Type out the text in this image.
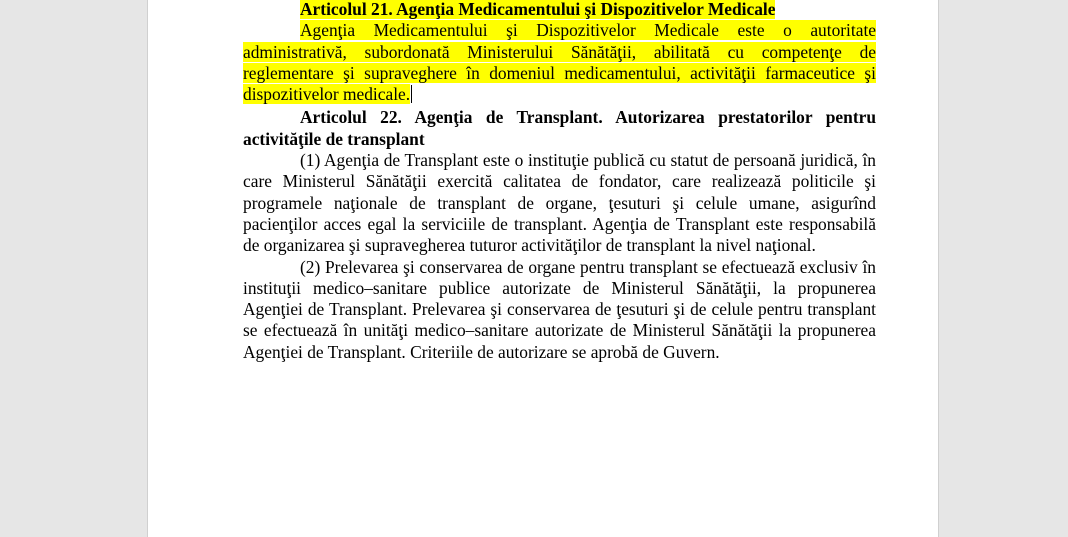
Articolul 21. Agenţia Medicamentului şi Dispozitivelor Medicale

Agenţia Medicamentului şi Dispozitivelor Medicale este o autoritate administrativă, subordonată Ministerului Sănătăţii, abilitată cu competenţe de reglementare şi supraveghere în domeniul medicamentului, activităţii farmaceutice şi dispozitivelor medicale.

Articolul 22. Agenţia de Transplant. Autorizarea prestatorilor pentru activităţile de transplant

(1) Agenţia de Transplant este o instituţie publică cu statut de persoană juridică, în care Ministerul Sănătăţii exercită calitatea de fondator, care realizează politicile şi programele naţionale de transplant de organe, ţesuturi şi celule umane, asigurînd pacienţilor acces egal la serviciile de transplant. Agenţia de Transplant este responsabilă de organizarea şi supravegherea tuturor activităţilor de transplant la nivel naţional.

(2) Prelevarea şi conservarea de organe pentru transplant se efectuează exclusiv în instituţii medico–sanitare publice autorizate de Ministerul Sănătăţii, la propunerea Agenţiei de Transplant. Prelevarea şi conservarea de ţesuturi şi de celule pentru transplant se efectuează în unităţi medico–sanitare autorizate de Ministerul Sănătăţii la propunerea Agenţiei de Transplant. Criteriile de autorizare se aprobă de Guvern.
